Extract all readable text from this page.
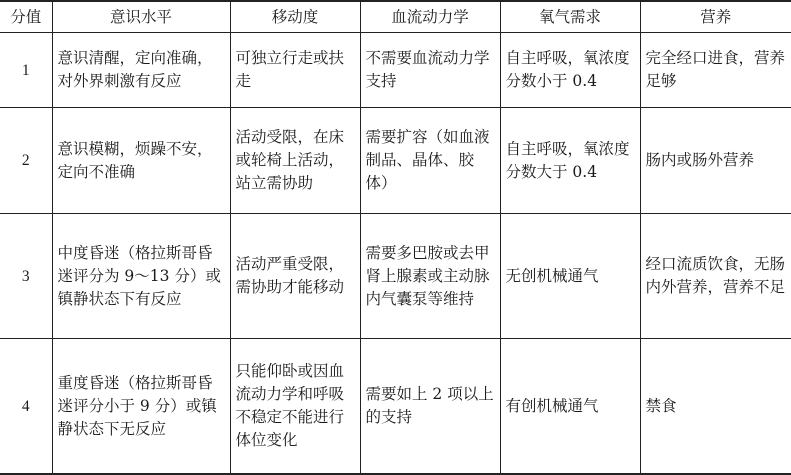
分值	意识水平	移动度	血流动力学	氧气需求	营养
1	意识清醒，定向准确，对外界刺激有反应	可独立行走或扶走	不需要血流动力学支持	自主呼吸，氧浓度分数小于 0.4	完全经口进食，营养足够
2	意识模糊，烦躁不安，定向不准确	活动受限，在床或轮椅上活动，站立需协助	需要扩容（如血液制品、晶体、胶体）	自主呼吸，氧浓度分数大于 0.4	肠内或肠外营养
3	中度昏迷（格拉斯哥昏迷评分为 9～13 分）或镇静状态下有反应	活动严重受限，需协助才能移动	需要多巴胺或去甲肾上腺素或主动脉内气囊泵等维持	无创机械通气	经口流质饮食，无肠内外营养，营养不足
4	重度昏迷（格拉斯哥昏迷评分小于 9 分）或镇静状态下无反应	只能仰卧或因血流动力学和呼吸不稳定不能进行体位变化	需要如上 2 项以上的支持	有创机械通气	禁食
